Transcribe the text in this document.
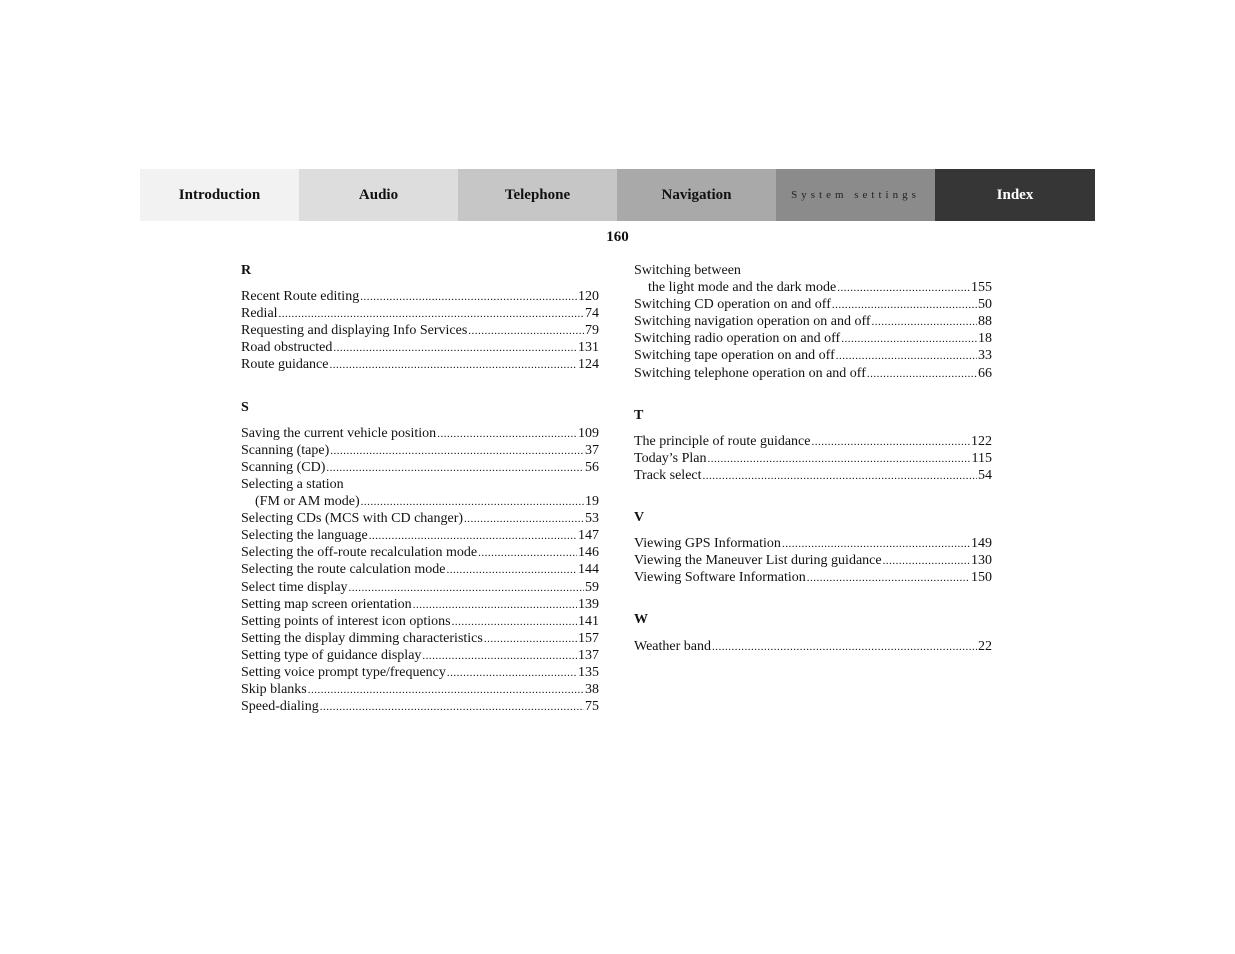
Introduction	Audio	Telephone	Navigation	System settings	Index
160
R
Recent Route editing .....	120
Redial .....	74
Requesting and displaying Info Services .....	79
Road obstructed .....	131
Route guidance .....	124
S
Saving the current vehicle position .....	109
Scanning (tape) .....	37
Scanning (CD) .....	56
Selecting a station
(FM or AM mode) .....	19
Selecting CDs (MCS with CD changer) .....	53
Selecting the language .....	147
Selecting the off-route recalculation mode .....	146
Selecting the route calculation mode .....	144
Select time display .....	59
Setting map screen orientation .....	139
Setting points of interest icon options .....	141
Setting the display dimming characteristics .....	157
Setting type of guidance display .....	137
Setting voice prompt type/frequency .....	135
Skip blanks .....	38
Speed-dialing .....	75
Switching between
the light mode and the dark mode .....	155
Switching CD operation on and off .....	50
Switching navigation operation on and off .....	88
Switching radio operation on and off .....	18
Switching tape operation on and off .....	33
Switching telephone operation on and off .....	66
T
The principle of route guidance .....	122
Today’s Plan .....	115
Track select .....	54
V
Viewing GPS Information .....	149
Viewing the Maneuver List during guidance .....	130
Viewing Software Information .....	150
W
Weather band .....	22
